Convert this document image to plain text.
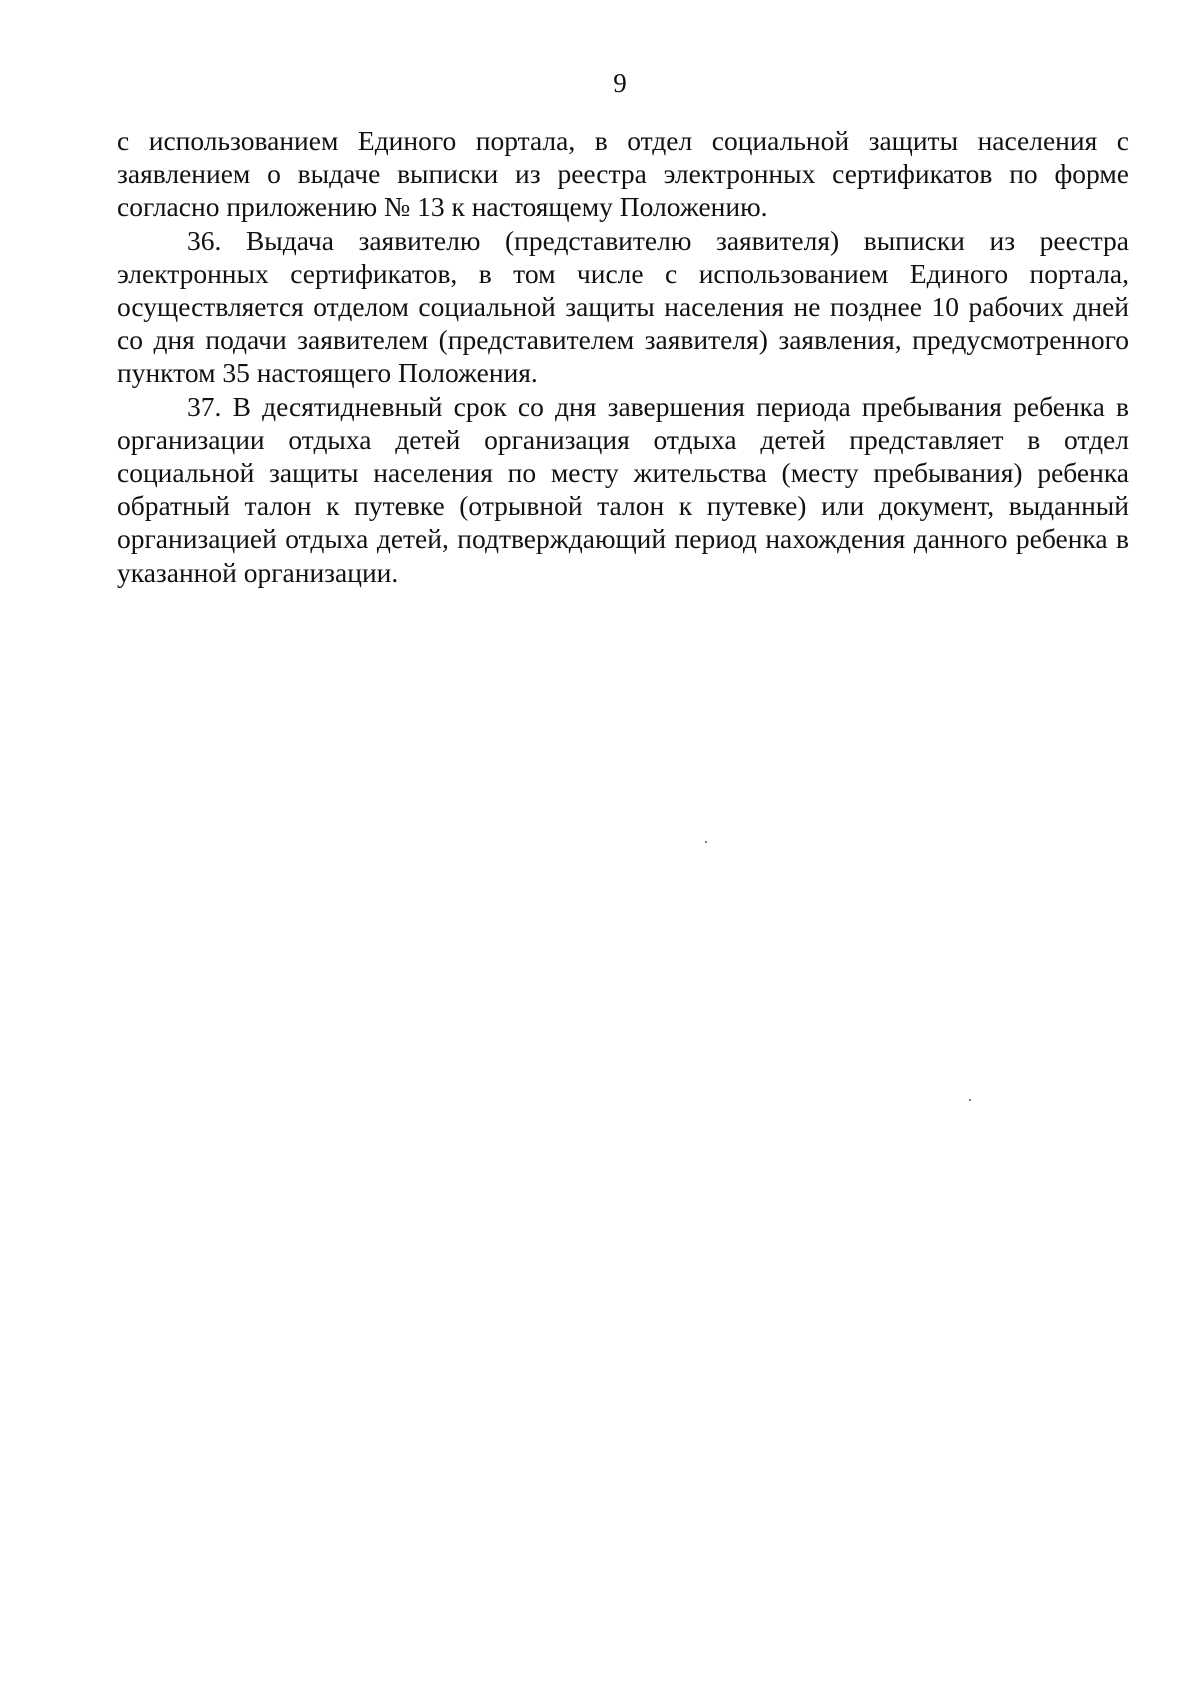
9

с использованием Единого портала, в отдел социальной защиты населения с заявлением о выдаче выписки из реестра электронных сертификатов по форме согласно приложению № 13 к настоящему Положению.

36. Выдача заявителю (представителю заявителя) выписки из реестра электронных сертификатов, в том числе с использованием Единого портала, осуществляется отделом социальной защиты населения не позднее 10 рабочих дней со дня подачи заявителем (представителем заявителя) заявления, предусмотренного пунктом 35 настоящего Положения.

37. В десятидневный срок со дня завершения периода пребывания ребенка в организации отдыха детей организация отдыха детей представляет в отдел социальной защиты населения по месту жительства (месту пребывания) ребенка обратный талон к путевке (отрывной талон к путевке) или документ, выданный организацией отдыха детей, подтверждающий период нахождения данного ребенка в указанной организации.
